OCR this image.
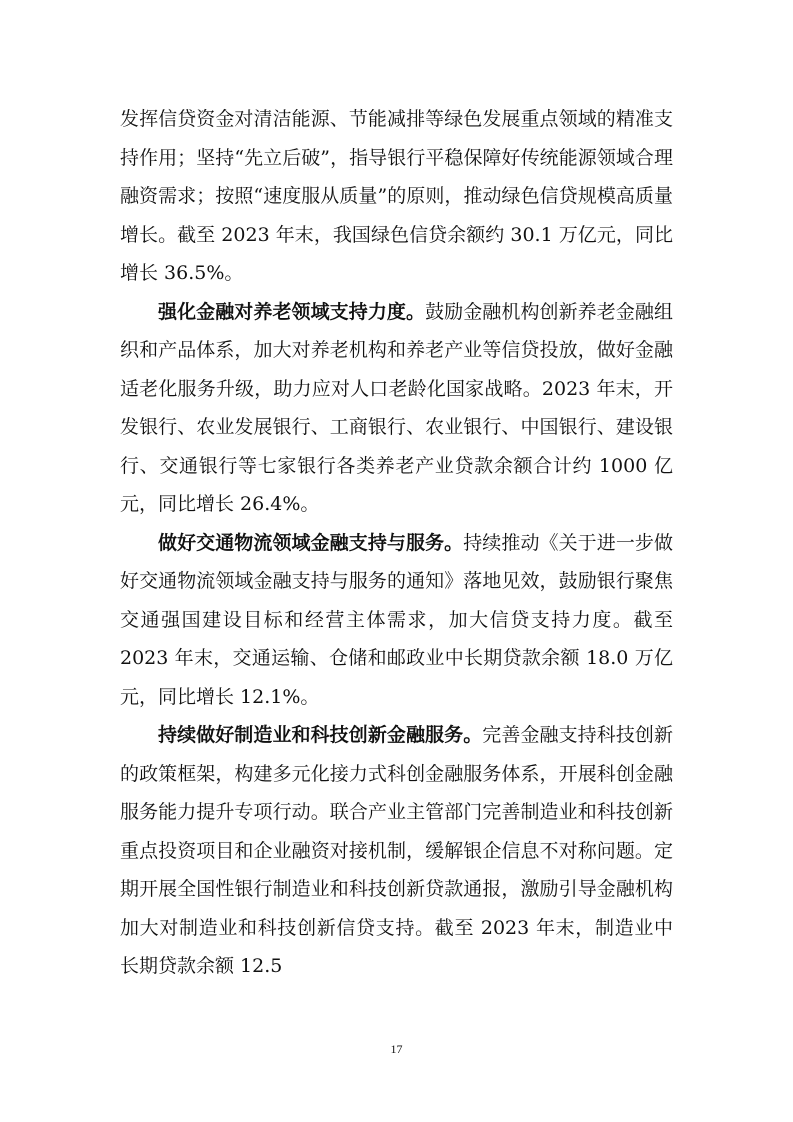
发挥信贷资金对清洁能源、节能减排等绿色发展重点领域的精准支持作用；坚持“先立后破”，指导银行平稳保障好传统能源领域合理融资需求；按照“速度服从质量”的原则，推动绿色信贷规模高质量增长。截至 2023 年末，我国绿色信贷余额约 30.1 万亿元，同比增长 36.5%。

强化金融对养老领域支持力度。鼓励金融机构创新养老金融组织和产品体系，加大对养老机构和养老产业等信贷投放，做好金融适老化服务升级，助力应对人口老龄化国家战略。2023 年末，开发银行、农业发展银行、工商银行、农业银行、中国银行、建设银行、交通银行等七家银行各类养老产业贷款余额合计约 1000 亿元，同比增长 26.4%。

做好交通物流领域金融支持与服务。持续推动《关于进一步做好交通物流领域金融支持与服务的通知》落地见效，鼓励银行聚焦交通强国建设目标和经营主体需求，加大信贷支持力度。截至 2023 年末，交通运输、仓储和邮政业中长期贷款余额 18.0 万亿元，同比增长 12.1%。

持续做好制造业和科技创新金融服务。完善金融支持科技创新的政策框架，构建多元化接力式科创金融服务体系，开展科创金融服务能力提升专项行动。联合产业主管部门完善制造业和科技创新重点投资项目和企业融资对接机制，缓解银企信息不对称问题。定期开展全国性银行制造业和科技创新贷款通报，激励引导金融机构加大对制造业和科技创新信贷支持。截至 2023 年末，制造业中长期贷款余额 12.5

17
